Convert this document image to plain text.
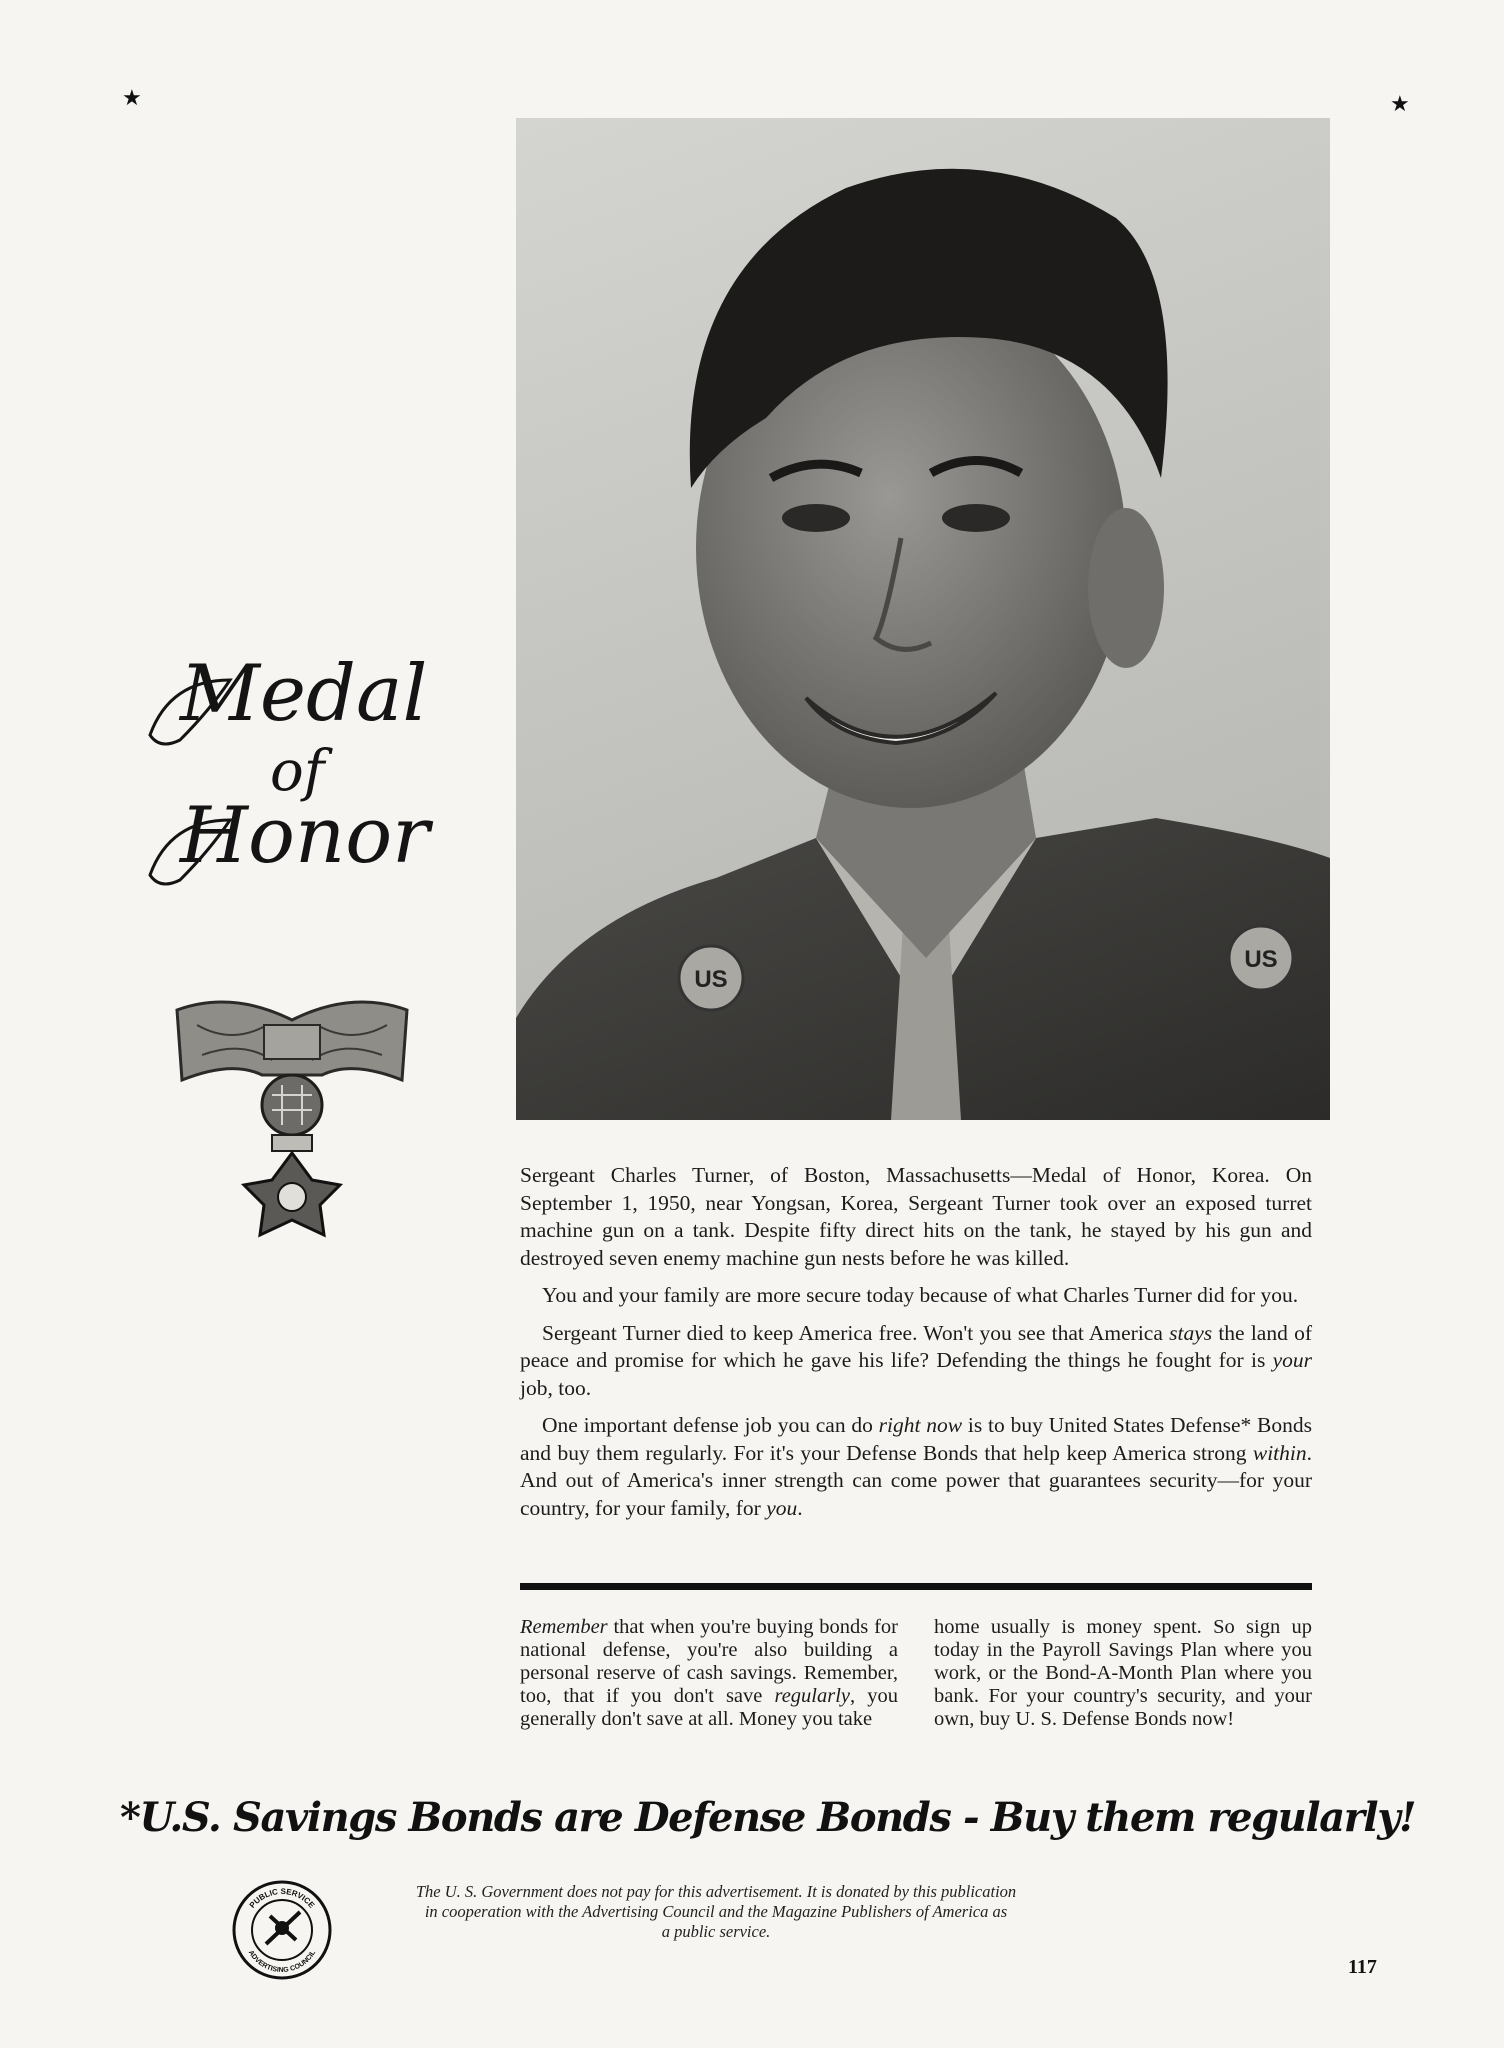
★	★
US
US
Medal
of
Honor

Sergeant Charles Turner, of Boston, Massachusetts—Medal of Honor, Korea. On September 1, 1950, near Yongsan, Korea, Sergeant Turner took over an exposed turret machine gun on a tank. Despite fifty direct hits on the tank, he stayed by his gun and destroyed seven enemy machine gun nests before he was killed.

You and your family are more secure today because of what Charles Turner did for you.

Sergeant Turner died to keep America free. Won't you see that America stays the land of peace and promise for which he gave his life? Defending the things he fought for is your job, too.

One important defense job you can do right now is to buy United States Defense* Bonds and buy them regularly. For it's your Defense Bonds that help keep America strong within. And out of America's inner strength can come power that guarantees security—for your country, for your family, for you.

Remember that when you're buying bonds for national defense, you're also building a personal reserve of cash savings. Remember, too, that if you don't save regularly, you generally don't save at all. Money you take
home usually is money spent. So sign up today in the Payroll Savings Plan where you work, or the Bond-A-Month Plan where you bank. For your country's security, and your own, buy U. S. Defense Bonds now!
*U.S. Savings Bonds are Defense Bonds - Buy them regularly!
PUBLIC SERVICE
ADVERTISING COUNCIL
The U. S. Government does not pay for this advertisement. It is donated by this publication
in cooperation with the Advertising Council and the Magazine Publishers of America as
a public service.
117
